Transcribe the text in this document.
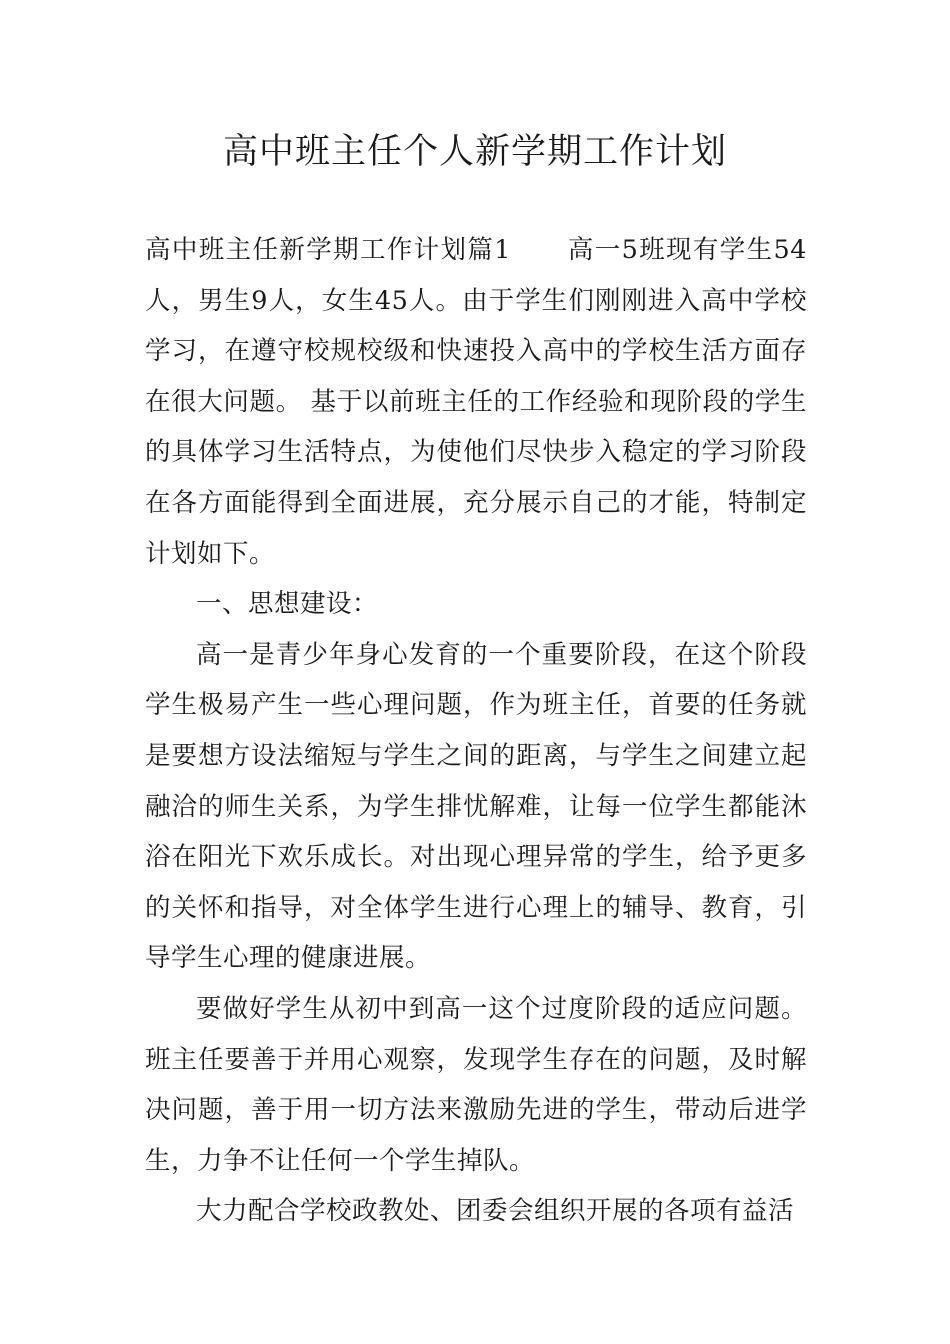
高中班主任个人新学期工作计划

高中班主任新学期工作计划篇1 高一5班现有学生54人，男生9人，女生45人。由于学生们刚刚进入高中学校学习，在遵守校规校级和快速投入高中的学校生活方面存在很大问题。 基于以前班主任的工作经验和现阶段的学生的具体学习生活特点，为使他们尽快步入稳定的学习阶段在各方面能得到全面进展，充分展示自己的才能，特制定计划如下。

一、思想建设：

高一是青少年身心发育的一个重要阶段，在这个阶段学生极易产生一些心理问题，作为班主任，首要的任务就是要想方设法缩短与学生之间的距离，与学生之间建立起融洽的师生关系，为学生排忧解难，让每一位学生都能沐浴在阳光下欢乐成长。对出现心理异常的学生，给予更多的关怀和指导，对全体学生进行心理上的辅导、教育，引导学生心理的健康进展。

要做好学生从初中到高一这个过度阶段的适应问题。班主任要善于并用心观察，发现学生存在的问题，及时解决问题，善于用一切方法来激励先进的学生，带动后进学生，力争不让任何一个学生掉队。

大力配合学校政教处、团委会组织开展的各项有益活
